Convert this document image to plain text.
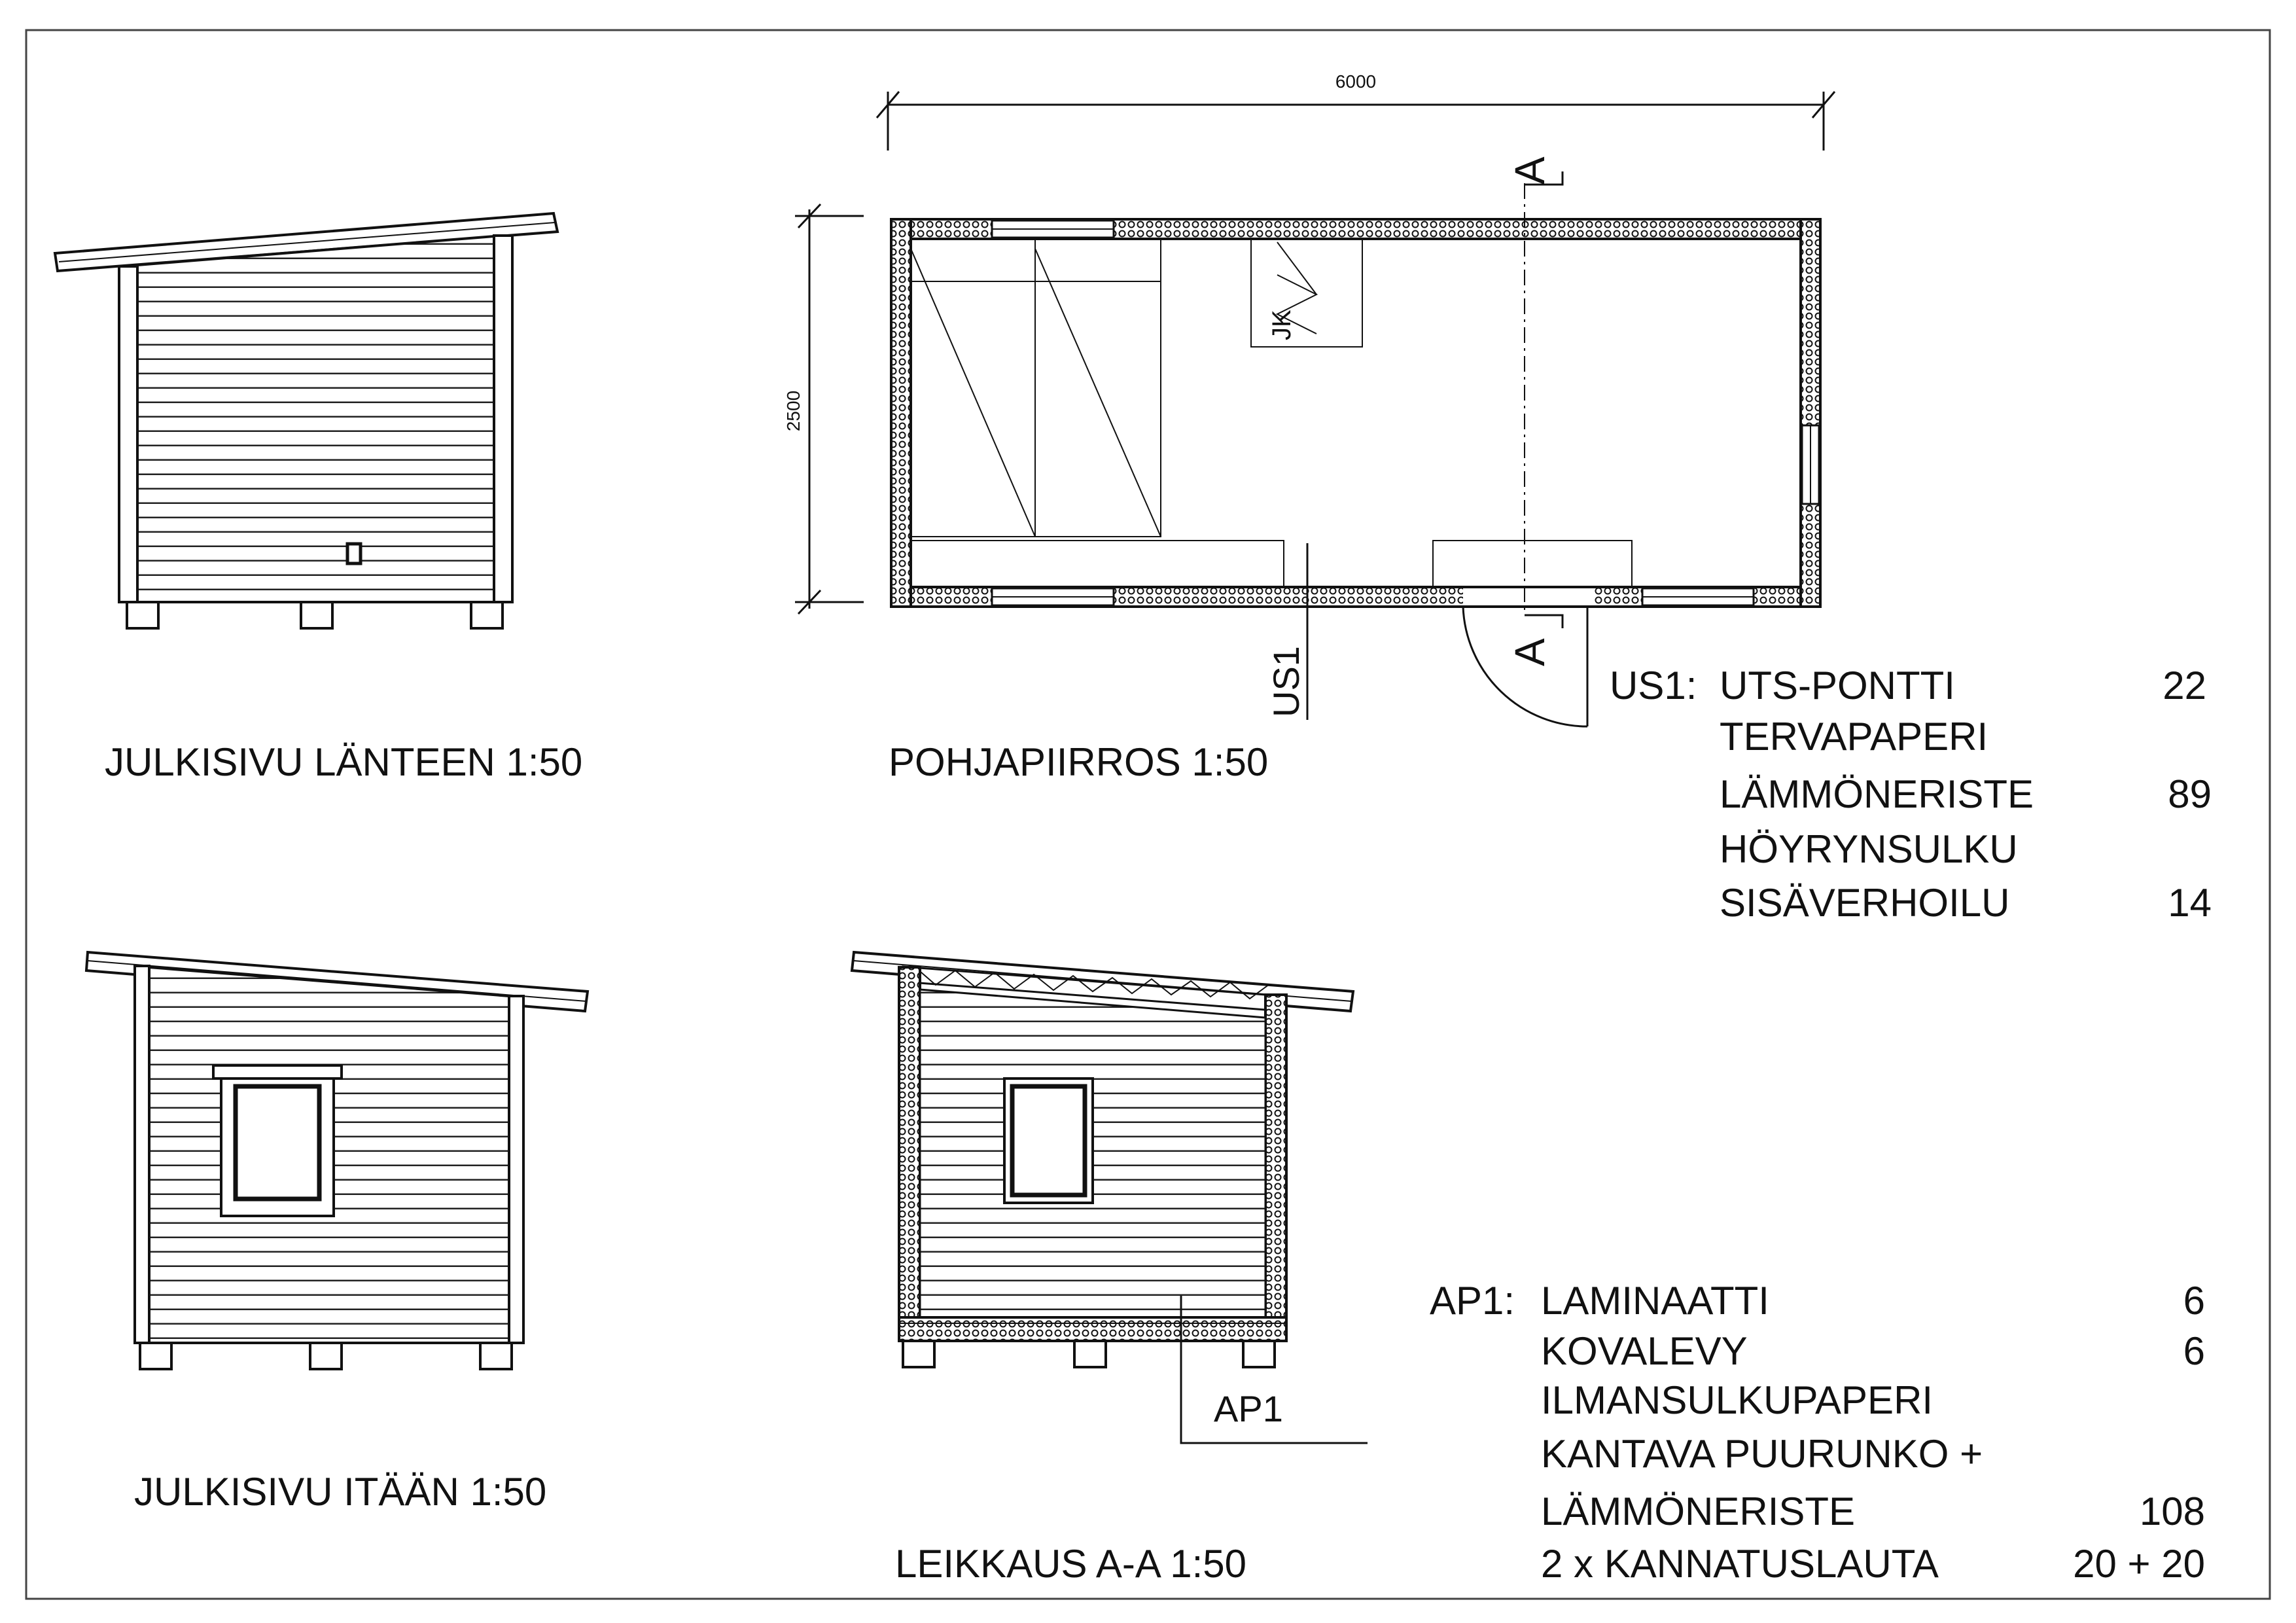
JULKISIVU LÄNTEEN 1:50
6000
2500
JK
A
A
US1
POHJAPIIRROS 1:50
US1: UTS-PONTTI	22
TERVAPAPERI
LÄMMÖNERISTE	89
HÖYRYNSULKU
SISÄVERHOILU	14
JULKISIVU ITÄÄN 1:50
AP1
LEIKKAUS A-A 1:50
AP1: LAMINAATTI	6
KOVALEVY	6
ILMANSULKUPAPERI
KANTAVA PUURUNKO +
LÄMMÖNERISTE	108
2 x KANNATUSLAUTA	20 + 20
